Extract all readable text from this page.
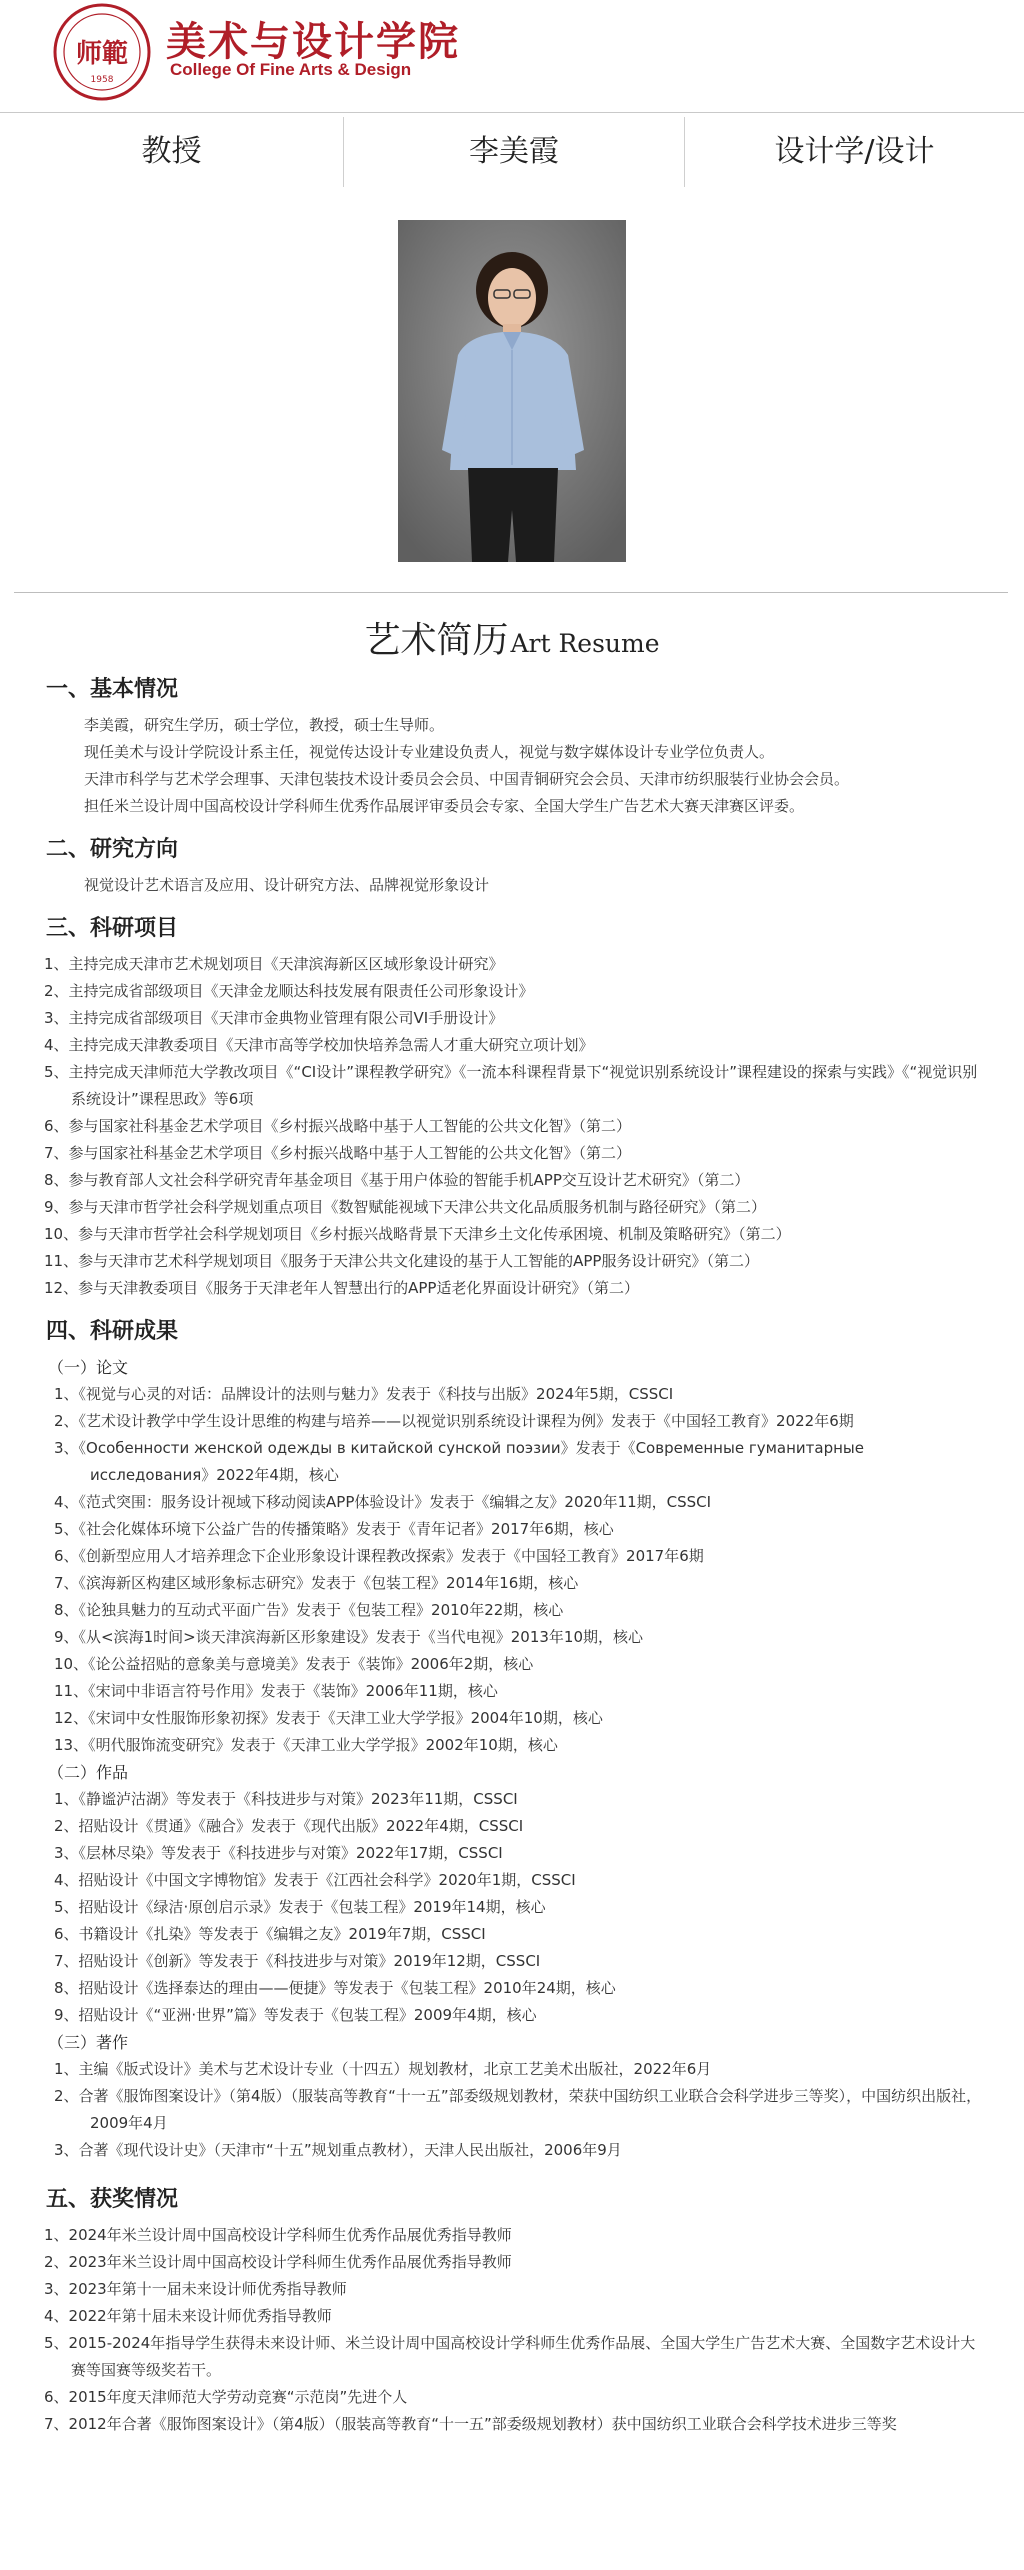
师範
1958
美术与设计学院
College Of Fine Arts & Design
教授	李美霞	设计学/设计
艺术简历Art Resume
一、基本情况

李美霞，研究生学历，硕士学位，教授，硕士生导师。

现任美术与设计学院设计系主任，视觉传达设计专业建设负责人，视觉与数字媒体设计专业学位负责人。

天津市科学与艺术学会理事、天津包装技术设计委员会会员、中国青铜研究会会员、天津市纺织服装行业协会会员。

担任米兰设计周中国高校设计学科师生优秀作品展评审委员会专家、全国大学生广告艺术大赛天津赛区评委。

二、研究方向

视觉设计艺术语言及应用、设计研究方法、品牌视觉形象设计

三、科研项目

1、主持完成天津市艺术规划项目《天津滨海新区区域形象设计研究》

2、主持完成省部级项目《天津金龙顺达科技发展有限责任公司形象设计》

3、主持完成省部级项目《天津市金典物业管理有限公司VI手册设计》

4、主持完成天津教委项目《天津市高等学校加快培养急需人才重大研究立项计划》

5、主持完成天津师范大学教改项目《“CI设计”课程教学研究》《一流本科课程背景下“视觉识别系统设计”课程建设的探索与实践》《“视觉识别系统设计”课程思政》等6项

6、参与国家社科基金艺术学项目《乡村振兴战略中基于人工智能的公共文化智》（第二）

7、参与国家社科基金艺术学项目《乡村振兴战略中基于人工智能的公共文化智》（第二）

8、参与教育部人文社会科学研究青年基金项目《基于用户体验的智能手机APP交互设计艺术研究》（第二）

9、参与天津市哲学社会科学规划重点项目《数智赋能视域下天津公共文化品质服务机制与路径研究》（第二）

10、参与天津市哲学社会科学规划项目《乡村振兴战略背景下天津乡土文化传承困境、机制及策略研究》（第二）

11、参与天津市艺术科学规划项目《服务于天津公共文化建设的基于人工智能的APP服务设计研究》（第二）

12、参与天津教委项目《服务于天津老年人智慧出行的APP适老化界面设计研究》（第二）

四、科研成果

（一）论文

1、《视觉与心灵的对话：品牌设计的法则与魅力》发表于《科技与出版》2024年5期，CSSCI

2、《艺术设计教学中学生设计思维的构建与培养——以视觉识别系统设计课程为例》发表于《中国轻工教育》2022年6期

3、《Особенности женской одежды в китайской сунской поэзии》发表于《Современные гуманитарные исследования》2022年4期，核心

4、《范式突围：服务设计视域下移动阅读APP体验设计》发表于《编辑之友》2020年11期，CSSCI

5、《社会化媒体环境下公益广告的传播策略》发表于《青年记者》2017年6期，核心

6、《创新型应用人才培养理念下企业形象设计课程教改探索》发表于《中国轻工教育》2017年6期

7、《滨海新区构建区域形象标志研究》发表于《包装工程》2014年16期，核心

8、《论独具魅力的互动式平面广告》发表于《包装工程》2010年22期，核心

9、《从<滨海1时间>谈天津滨海新区形象建设》发表于《当代电视》2013年10期，核心

10、《论公益招贴的意象美与意境美》发表于《装饰》2006年2期，核心

11、《宋词中非语言符号作用》发表于《装饰》2006年11期，核心

12、《宋词中女性服饰形象初探》发表于《天津工业大学学报》2004年10期，核心

13、《明代服饰流变研究》发表于《天津工业大学学报》2002年10期，核心

（二）作品

1、《静谧泸沽湖》等发表于《科技进步与对策》2023年11期，CSSCI

2、招贴设计《贯通》《融合》发表于《现代出版》2022年4期，CSSCI

3、《层林尽染》等发表于《科技进步与对策》2022年17期，CSSCI

4、招贴设计《中国文字博物馆》发表于《江西社会科学》2020年1期，CSSCI

5、招贴设计《绿洁·原创启示录》发表于《包装工程》2019年14期，核心

6、书籍设计《扎染》等发表于《编辑之友》2019年7期，CSSCI

7、招贴设计《创新》等发表于《科技进步与对策》2019年12期，CSSCI

8、招贴设计《选择泰达的理由——便捷》等发表于《包装工程》2010年24期，核心

9、招贴设计《“亚洲·世界”篇》等发表于《包装工程》2009年4期，核心

（三）著作

1、主编《版式设计》美术与艺术设计专业（十四五）规划教材，北京工艺美术出版社，2022年6月

2、合著《服饰图案设计》（第4版）（服装高等教育“十一五”部委级规划教材，荣获中国纺织工业联合会科学进步三等奖），中国纺织出版社，2009年4月

3、合著《现代设计史》（天津市“十五”规划重点教材），天津人民出版社，2006年9月

五、获奖情况

1、2024年米兰设计周中国高校设计学科师生优秀作品展优秀指导教师

2、2023年米兰设计周中国高校设计学科师生优秀作品展优秀指导教师

3、2023年第十一届未来设计师优秀指导教师

4、2022年第十届未来设计师优秀指导教师

5、2015-2024年指导学生获得未来设计师、米兰设计周中国高校设计学科师生优秀作品展、全国大学生广告艺术大赛、全国数字艺术设计大赛等国赛等级奖若干。

6、2015年度天津师范大学劳动竞赛“示范岗”先进个人

7、2012年合著《服饰图案设计》（第4版）（服装高等教育“十一五”部委级规划教材）获中国纺织工业联合会科学技术进步三等奖
